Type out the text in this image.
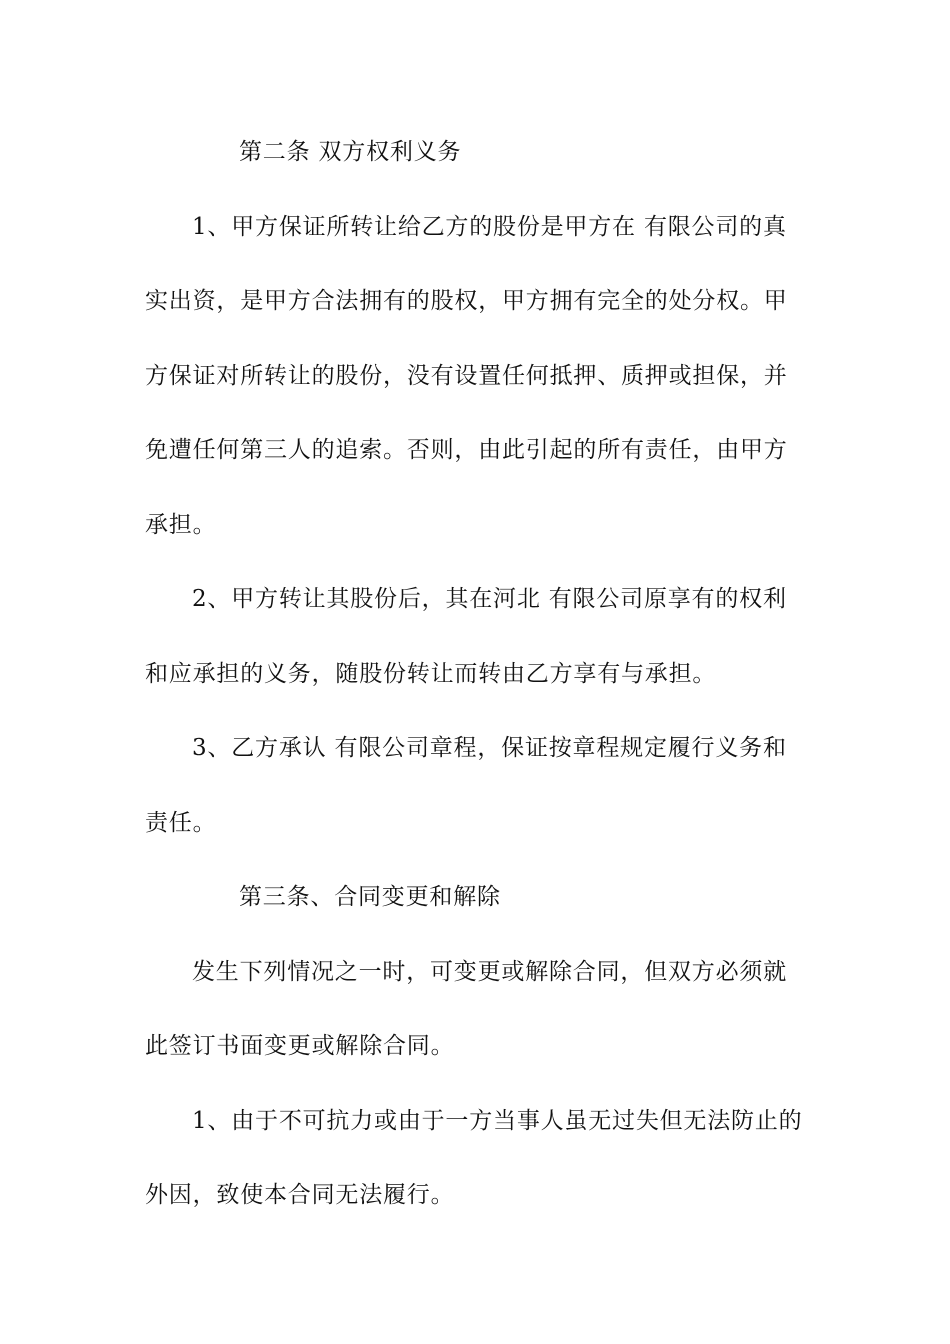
第二条 双方权利义务
1、甲方保证所转让给乙方的股份是甲方在 有限公司的真
实出资，是甲方合法拥有的股权，甲方拥有完全的处分权。甲
方保证对所转让的股份，没有设置任何抵押、质押或担保，并
免遭任何第三人的追索。否则，由此引起的所有责任，由甲方
承担。
2、甲方转让其股份后，其在河北 有限公司原享有的权利
和应承担的义务，随股份转让而转由乙方享有与承担。
3、乙方承认 有限公司章程，保证按章程规定履行义务和
责任。
第三条、合同变更和解除
发生下列情况之一时，可变更或解除合同，但双方必须就
此签订书面变更或解除合同。
1、由于不可抗力或由于一方当事人虽无过失但无法防止的
外因，致使本合同无法履行。
